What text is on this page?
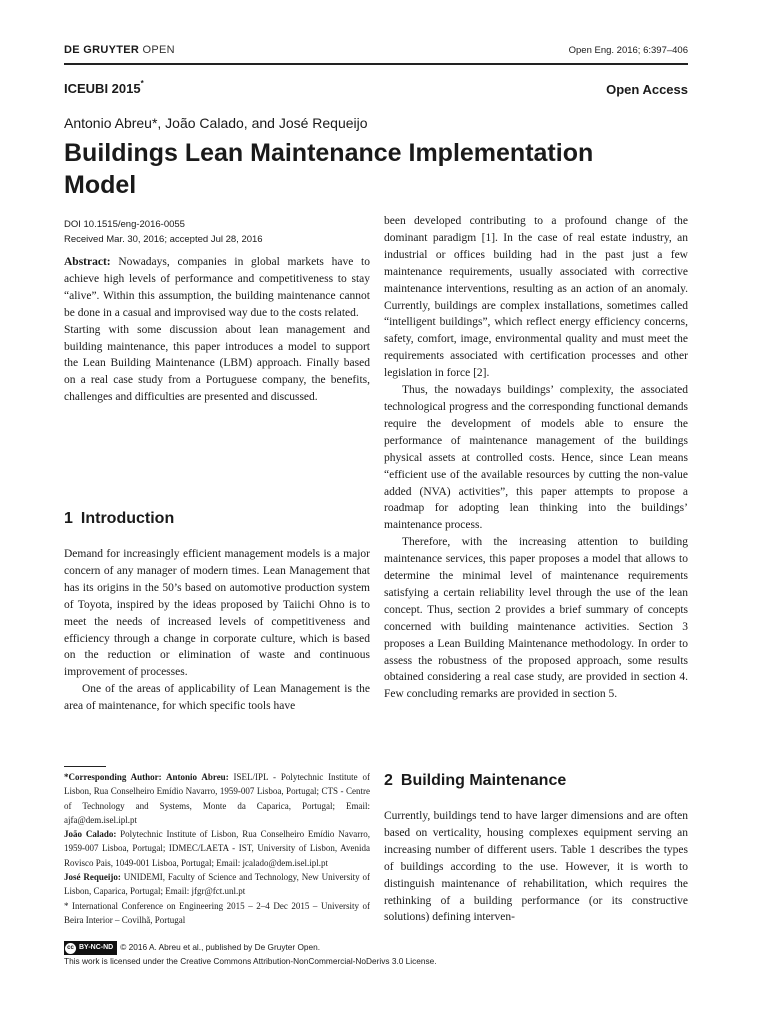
DE GRUYTER OPEN	Open Eng. 2016; 6:397–406
ICEUBI 2015*	Open Access
Antonio Abreu*, João Calado, and José Requeijo
Buildings Lean Maintenance Implementation Model
DOI 10.1515/eng-2016-0055
Received Mar. 30, 2016; accepted Jul 28, 2016

Abstract: Nowadays, companies in global markets have to achieve high levels of performance and competitiveness to stay “alive”. Within this assumption, the building maintenance cannot be done in a casual and improvised way due to the costs related.

Starting with some discussion about lean management and building maintenance, this paper introduces a model to support the Lean Building Maintenance (LBM) approach. Finally based on a real case study from a Portuguese company, the benefits, challenges and difficulties are presented and discussed.

1 Introduction

Demand for increasingly efficient management models is a major concern of any manager of modern times. Lean Management that has its origins in the 50’s based on automotive production system of Toyota, inspired by the ideas proposed by Taiichi Ohno is to meet the needs of increased levels of competitiveness and efficiency through a change in corporate culture, which is based on the reduction or elimination of waste and continuous improvement of processes.

One of the areas of applicability of Lean Management is the area of maintenance, for which specific tools have

been developed contributing to a profound change of the dominant paradigm [1]. In the case of real estate industry, an industrial or offices building had in the past just a few maintenance requirements, usually associated with corrective maintenance interventions, resulting as an action of an anomaly. Currently, buildings are complex installations, sometimes called “intelligent buildings”, which reflect energy efficiency concerns, safety, comfort, image, environmental quality and must meet the requirements associated with certification processes and other legislation in force [2].

Thus, the nowadays buildings’ complexity, the associated technological progress and the corresponding functional demands require the development of models able to ensure the performance of maintenance management of the buildings physical assets at controlled costs. Hence, since Lean means “efficient use of the available resources by cutting the non-value added (NVA) activities”, this paper attempts to propose a roadmap for adopting lean thinking into the buildings’ maintenance process.

Therefore, with the increasing attention to building maintenance services, this paper proposes a model that allows to determine the minimal level of maintenance requirements satisfying a certain reliability level through the use of the lean concept. Thus, section 2 provides a brief summary of concepts concerned with building maintenance activities. Section 3 proposes a Lean Building Maintenance methodology. In order to assess the robustness of the proposed approach, some results obtained considering a real case study, are provided in section 4. Few concluding remarks are provided in section 5.

2 Building Maintenance

Currently, buildings tend to have larger dimensions and are often based on verticality, housing complexes equipment serving an increasing number of different users. Table 1 describes the types of buildings according to the use. However, it is worth to distinguish maintenance of rehabilitation, which requires the rethinking of a building performance (or its constructive solutions) defining interven-

*Corresponding Author: Antonio Abreu: ISEL/IPL - Polytechnic Institute of Lisbon, Rua Conselheiro Emídio Navarro, 1959-007 Lisboa, Portugal; CTS - Centre of Technology and Systems, Monte da Caparica, Portugal; Email: ajfa@dem.isel.ipl.pt

João Calado: Polytechnic Institute of Lisbon, Rua Conselheiro Emídio Navarro, 1959-007 Lisboa, Portugal; IDMEC/LAETA - IST, University of Lisbon, Avenida Rovisco Pais, 1049-001 Lisboa, Portugal; Email: jcalado@dem.isel.ipl.pt

José Requeijo: UNIDEMI, Faculty of Science and Technology, New University of Lisbon, Caparica, Portugal; Email: jfgr@fct.unl.pt

* International Conference on Engineering 2015 – 2–4 Dec 2015 – University of Beira Interior – Covilhã, Portugal

cc BY-NC-ND © 2016 A. Abreu et al., published by De Gruyter Open.
This work is licensed under the Creative Commons Attribution-NonCommercial-NoDerivs 3.0 License.
